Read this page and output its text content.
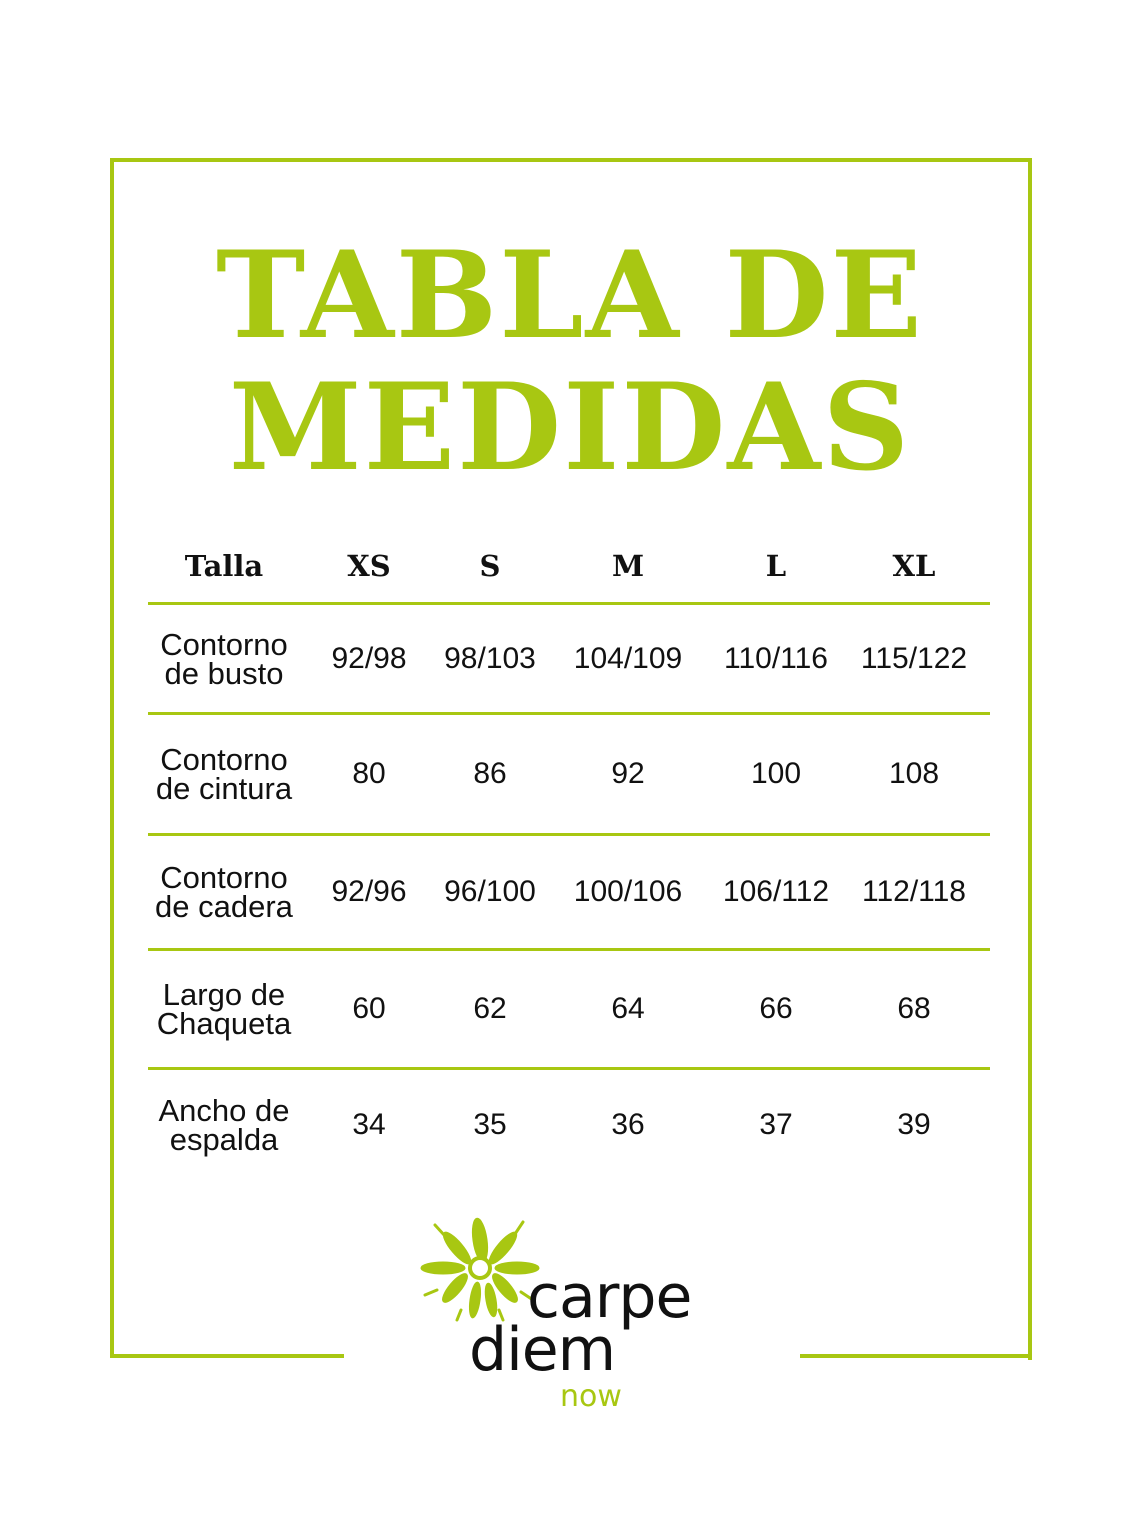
TABLA DE
MEDIDAS
Talla	XS	S	M	L	XL

Contorno
de busto	92/98	98/103	104/109	110/116	115/122

Contorno
de cintura	80	86	92	100	108

Contorno
de cadera	92/96	96/100	100/106	106/112	112/118

Largo de
Chaqueta	60	62	64	66	68

Ancho de
espalda	34	35	36	37	39
carpe
diem
now
